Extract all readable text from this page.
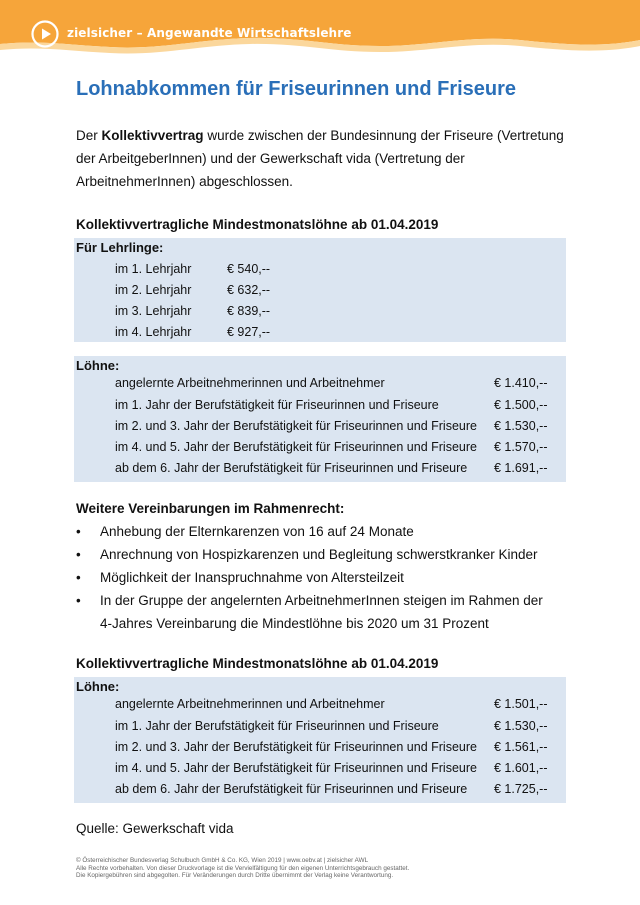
zielsicher – Angewandte Wirtschaftslehre
Lohnabkommen für Friseurinnen und Friseure

Der Kollektivvertrag wurde zwischen der Bundesinnung der Friseure (Vertretung der ArbeitgeberInnen) und der Gewerkschaft vida (Vertretung der ArbeitnehmerInnen) abgeschlossen.

Kollektivvertragliche Mindestmonatslöhne ab 01.04.2019
Für Lehrlinge:
im 1. Lehrjahr	€ 540,--
im 2. Lehrjahr	€ 632,--
im 3. Lehrjahr	€ 839,--
im 4. Lehrjahr	€ 927,--
Löhne:
angelernte Arbeitnehmerinnen und Arbeitnehmer	€ 1.410,--
im 1. Jahr der Berufstätigkeit für Friseurinnen und Friseure	€ 1.500,--
im 2. und 3. Jahr der Berufstätigkeit für Friseurinnen und Friseure € 1.530,--
im 4. und 5. Jahr der Berufstätigkeit für Friseurinnen und Friseure € 1.570,--
ab dem 6. Jahr der Berufstätigkeit für Friseurinnen und Friseure € 1.691,--
Weitere Vereinbarungen im Rahmenrecht:
• Anhebung der Elternkarenzen von 16 auf 24 Monate
• Anrechnung von Hospizkarenzen und Begleitung schwerstkranker Kinder
• Möglichkeit der Inanspruchnahme von Altersteilzeit
• In der Gruppe der angelernten ArbeitnehmerInnen steigen im Rahmen der
4-Jahres Vereinbarung die Mindestlöhne bis 2020 um 31 Prozent
Kollektivvertragliche Mindestmonatslöhne ab 01.04.2019
Löhne:
angelernte Arbeitnehmerinnen und Arbeitnehmer	€ 1.501,--
im 1. Jahr der Berufstätigkeit für Friseurinnen und Friseure	€ 1.530,--
im 2. und 3. Jahr der Berufstätigkeit für Friseurinnen und Friseure € 1.561,--
im 4. und 5. Jahr der Berufstätigkeit für Friseurinnen und Friseure € 1.601,--
ab dem 6. Jahr der Berufstätigkeit für Friseurinnen und Friseure € 1.725,--
Quelle: Gewerkschaft vida
© Österreichischer Bundesverlag Schulbuch GmbH & Co. KG, Wien 2019 | www.oebv.at | zielsicher AWL
Alle Rechte vorbehalten. Von dieser Druckvorlage ist die Vervielfältigung für den eigenen Unterrichtsgebrauch gestattet.
Die Kopiergebühren sind abgegolten. Für Veränderungen durch Dritte übernimmt der Verlag keine Verantwortung.
